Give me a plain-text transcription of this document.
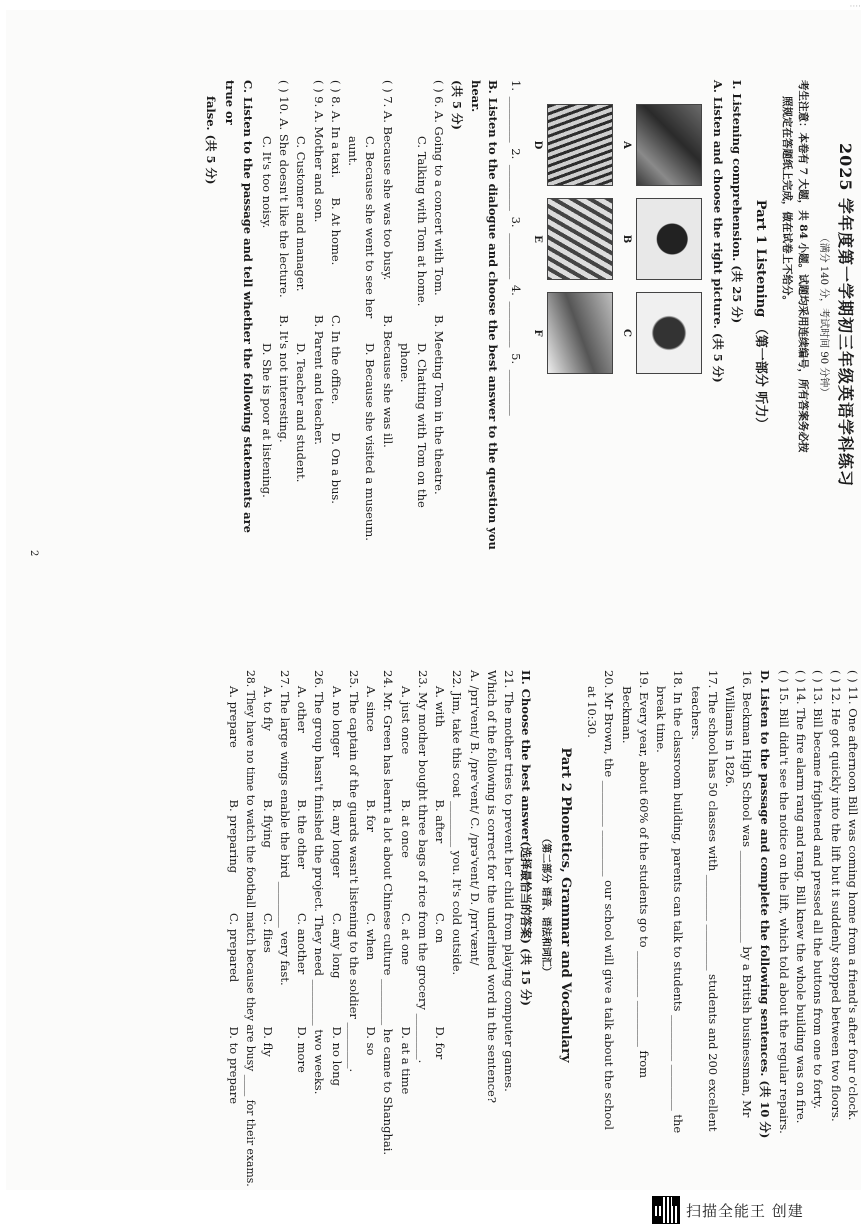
2025 学年度第一学期初三年级英语学科练习
（满分 140 分，考试时间 90 分钟）
考生注意：本卷有 7 大题，共 84 小题。试题均采用连续编号，所有答案务必按
照规定在答题纸上完成，做在试卷上不给分。
Part 1 Listening （第一部分 听力）
I. Listening comprehension. (共 25 分)
A. Listen and choose the right picture. (共 5 分)
A
B
C
D
E
F
1. ________ 2. ________ 3. ________ 4. ________ 5. ________
B. Listen to the dialogue and choose the best answer to the question you hear.
(共 5 分)
( ) 6. A. Going to a concert with Tom.
B. Meeting Tom in the theatre.
C. Talking with Tom at home.
D. Chatting with Tom on the phone.
( ) 7. A. Because she was too busy.
B. Because she was ill.
C. Because she went to see her aunt.
D. Because she visited a museum.
( ) 8. A. In a taxi.
B. At home.
C. In the office.
D. On a bus.
( ) 9. A. Mother and son.
B. Parent and teacher.
C. Customer and manager.
D. Teacher and student.
( ) 10. A. She doesn't like the lecture.
B. It's not interesting.
C. It's too noisy.
D. She is poor at listening.
C. Listen to the passage and tell whether the following statements are true or
false. (共 5 分)
( ) 11. One afternoon Bill was coming home from a friend's after four o'clock.
( ) 12. He got quickly into the lift but it suddenly stopped between two floors.
( ) 13. Bill became frightened and pressed all the buttons from one to forty.
( ) 14. The fire alarm rang and rang. Bill knew the whole building was on fire.
( ) 15. Bill didn't see the notice on the lift, which told about the regular repairs.
D. Listen to the passage and complete the following sentences. (共 10 分)
16. Beckman High School was ________________ by a British businessman, Mr
Williams in 1826.
17. The school has 50 classes with ________ ________ students and 200 excellent
teachers.
18. In the classroom building, parents can talk to students ________ ________ the
break time.
19. Every year, about 60% of the students go to ________ ________ from
Beckman.
20. Mr Brown, the ________ ________ our school will give a talk about the school
at 10:30.
Part 2 Phonetics, Grammar and Vocabulary
（第二部分 语音、语法和词汇）
II. Choose the best answer(选择最恰当的答案) (共 15 分)
21. The mother tries to prevent her child from playing computer games.
Which of the following is correct for the underlined word in the sentence?
A. /prɪ'vent/ B. /pre'vent/ C. /prə'vent/ D. /prɪ'vænt/
22. Jim, take this coat ________ you. It's cold outside.
A. with
B. after
C. on
D. for
23. My mother bought three bags of rice from the grocery ________.
A. just once
B. at once
C. at one
D. at a time
24. Mr. Green has learnt a lot about Chinese culture ________ he came to Shanghai.
A. since
B. for
C. when
D. so
25. The captain of the guards wasn't listening to the soldier ________.
A. no longer
B. any longer
C. any long
D. no long
26. The group hasn't finished the project. They need ________ two weeks.
A. other
B. the other
C. another
D. more
27. The large wings enable the bird ________ very fast.
A. to fly
B. flying
C. flies
D. fly
28. They have no time to watch the football match because they are busy ____ for their exams.
A. prepare
B. preparing
C. prepared
D. to prepare
2
····
扫描全能王 创建
